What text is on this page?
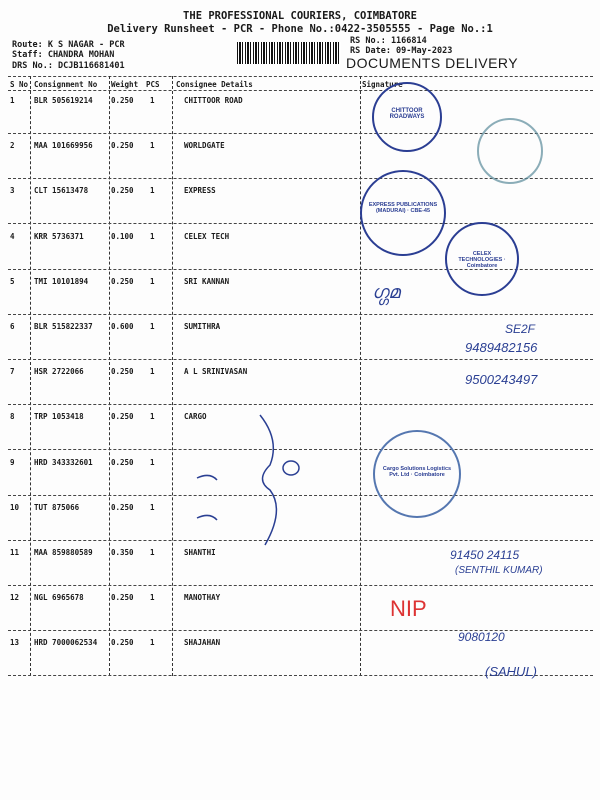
THE PROFESSIONAL COURIERS, COIMBATORE
Delivery Runsheet - PCR - Phone No.:0422-3505555 - Page No.:1
Route: K S NAGAR - PCR
Staff: CHANDRA MOHAN
DRS No.: DCJB116681401
RS No.: 1166814
RS Date: 09-May-2023
DOCUMENTS DELIVERY
S No Consignment No Weight PCS Consignee Details	Signature
1	BLR 505619214 0.250 1	CHITTOOR ROAD
2	MAA 101669956 0.250 1	WORLDGATE
3	CLT 15613478	0.250 1	EXPRESS
4	KRR 5736371	0.100 1	CELEX TECH
5	TMI 10101894	0.250 1	SRI KANNAN
6	BLR 515822337 0.600 1	SUMITHRA
7	HSR 2722066	0.250 1	A L SRINIVASAN
8	TRP 1053418	0.250 1	CARGO
9	HRD 343332601 0.250 1
10 TUT 875066	0.250 1
11 MAA 859880589 0.350 1	SHANTHI
12 NGL 6965678	0.250 1	MANOTHAY
13 HRD 7000062534 0.250 1	SHAJAHAN
CHITTOOR ROADWAYS
EXPRESS PUBLICATIONS (MADURAI) · CBE-45
CELEX TECHNOLOGIES · Coimbatore
Cargo Solutions Logistics Pvt. Ltd · Coimbatore
ഗ്ഗമ
SE2F
9489482156
9500243497
91450 24115
(SENTHIL KUMAR)
NIP
9080120
(SAHUL)
